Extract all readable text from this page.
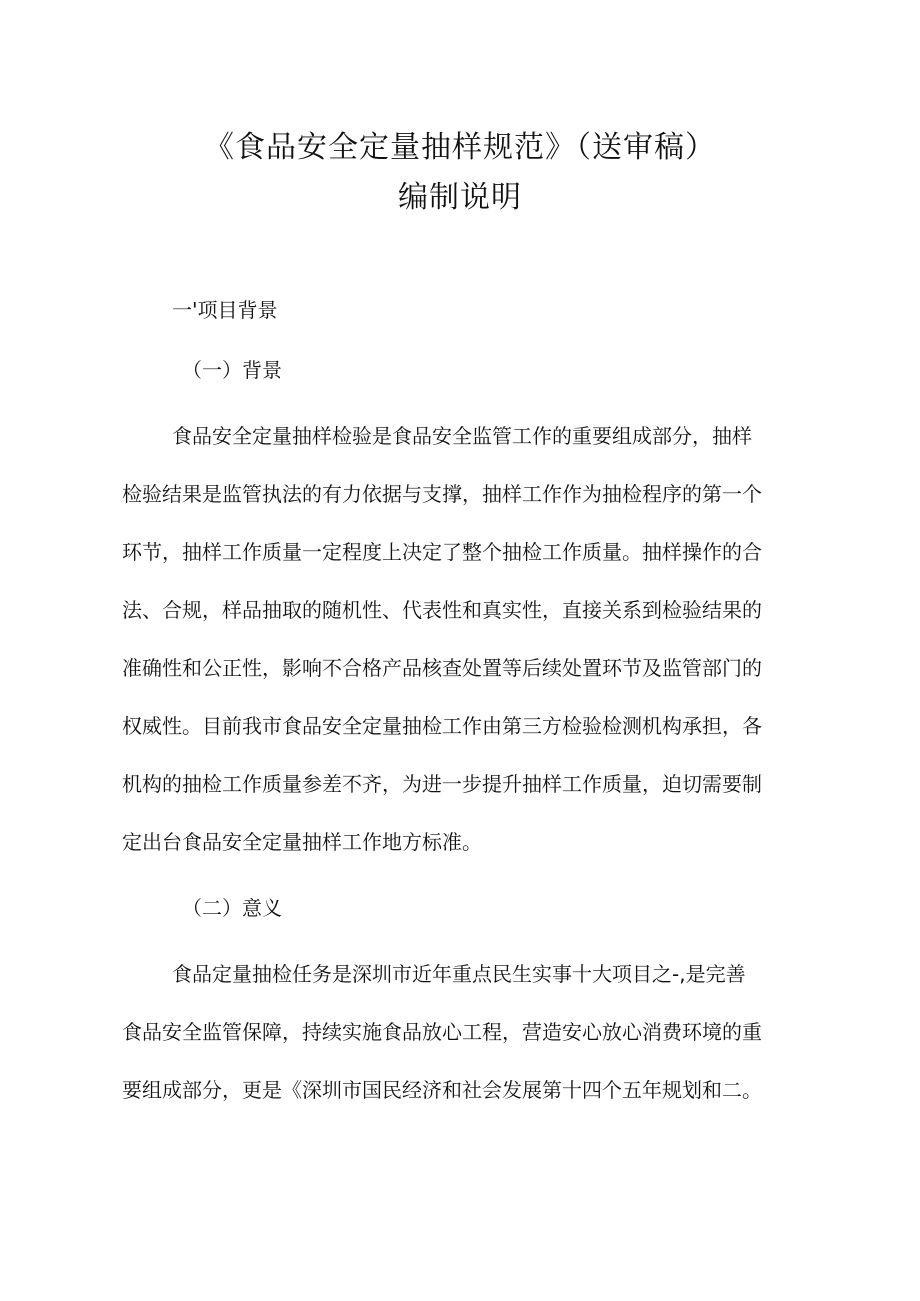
《食品安全定量抽样规范》（送审稿）
编制说明
一'项目背景
（一）背景
食品安全定量抽样检验是食品安全监管工作的重要组成部分，抽样
检验结果是监管执法的有力依据与支撑，抽样工作作为抽检程序的第一个
环节，抽样工作质量一定程度上决定了整个抽检工作质量。抽样操作的合
法、合规，样品抽取的随机性、代表性和真实性，直接关系到检验结果的
准确性和公正性，影响不合格产品核查处置等后续处置环节及监管部门的
权威性。目前我市食品安全定量抽检工作由第三方检验检测机构承担，各
机构的抽检工作质量参差不齐，为进一步提升抽样工作质量，迫切需要制
定出台食品安全定量抽样工作地方标准。
（二）意义
食品定量抽检任务是深圳市近年重点民生实事十大项目之-,是完善
食品安全监管保障，持续实施食品放心工程，营造安心放心消费环境的重
要组成部分，更是《深圳市国民经济和社会发展第十四个五年规划和二。
